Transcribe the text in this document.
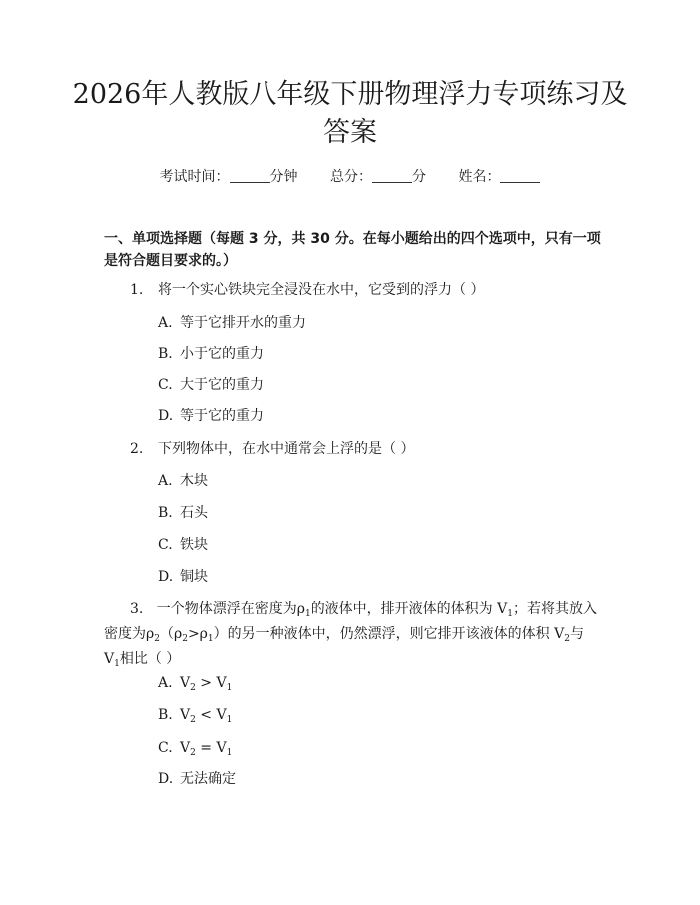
2026年人教版八年级下册物理浮力专项练习及答案
考试时间：	分钟 总分：	分 姓名：

一、单项选择题（每题 3 分，共 30 分。在每小题给出的四个选项中，只有一项是符合题目要求的。）

1. 将一个实心铁块完全浸没在水中，它受到的浮力（ ）
A. 等于它排开水的重力
B. 小于它的重力
C. 大于它的重力
D. 等于它的重力
2. 下列物体中，在水中通常会上浮的是（ ）
A. 木块
B. 石头
C. 铁块
D. 铜块
3. 一个物体漂浮在密度为$\rho_1$的液体中，排开液体的体积为 $V_1$；若将其放入密度为$\rho_2(\rho_2>\rho_1)$的另一种液体中，仍然漂浮，则它排开该液体的体积 $V_2$与 $V_1$相比（ ）
A. $V_2 > V_1$
B. $V_2 < V_1$
C. $V_2 = V_1$
D. 无法确定
